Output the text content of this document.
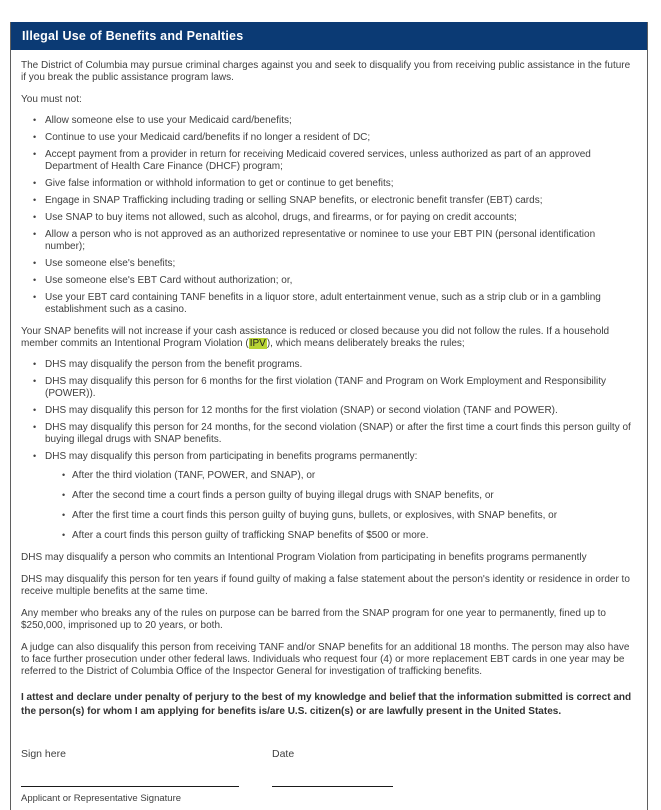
Illegal Use of Benefits and Penalties

The District of Columbia may pursue criminal charges against you and seek to disqualify you from receiving public assistance in the future if you break the public assistance program laws.

You must not:

• Allow someone else to use your Medicaid card/benefits;
• Continue to use your Medicaid card/benefits if no longer a resident of DC;
• Accept payment from a provider in return for receiving Medicaid covered services, unless authorized as part of an approved Department of Health Care Finance (DHCF) program;
• Give false information or withhold information to get or continue to get benefits;
• Engage in SNAP Trafficking including trading or selling SNAP benefits, or electronic benefit transfer (EBT) cards;
• Use SNAP to buy items not allowed, such as alcohol, drugs, and firearms, or for paying on credit accounts;
• Allow a person who is not approved as an authorized representative or nominee to use your EBT PIN (personal identification number);
• Use someone else's benefits;
• Use someone else's EBT Card without authorization; or,
• Use your EBT card containing TANF benefits in a liquor store, adult entertainment venue, such as a strip club or in a gambling establishment such as a casino.

Your SNAP benefits will not increase if your cash assistance is reduced or closed because you did not follow the rules. If a household member commits an Intentional Program Violation (IPV), which means deliberately breaks the rules;

• DHS may disqualify the person from the benefit programs.
• DHS may disqualify this person for 6 months for the first violation (TANF and Program on Work Employment and Responsibility (POWER)).
• DHS may disqualify this person for 12 months for the first violation (SNAP) or second violation (TANF and POWER).
• DHS may disqualify this person for 24 months, for the second violation (SNAP) or after the first time a court finds this person guilty of buying illegal drugs with SNAP benefits.
• DHS may disqualify this person from participating in benefits programs permanently:
• After the third violation (TANF, POWER, and SNAP), or
• After the second time a court finds a person guilty of buying illegal drugs with SNAP benefits, or
• After the first time a court finds this person guilty of buying guns, bullets, or explosives, with SNAP benefits, or
• After a court finds this person guilty of trafficking SNAP benefits of $500 or more.

DHS may disqualify a person who commits an Intentional Program Violation from participating in benefits programs permanently

DHS may disqualify this person for ten years if found guilty of making a false statement about the person's identity or residence in order to receive multiple benefits at the same time.

Any member who breaks any of the rules on purpose can be barred from the SNAP program for one year to permanently, fined up to $250,000, imprisoned up to 20 years, or both.

A judge can also disqualify this person from receiving TANF and/or SNAP benefits for an additional 18 months. The person may also have to face further prosecution under other federal laws. Individuals who request four (4) or more replacement EBT cards in one year may be referred to the District of Columbia Office of the Inspector General for investigation of trafficking benefits.

I attest and declare under penalty of perjury to the best of my knowledge and belief that the information submitted is correct and the person(s) for whom I am applying for benefits is/are U.S. citizen(s) or are lawfully present in the United States.

Sign here
Applicant or Representative Signature
Date
